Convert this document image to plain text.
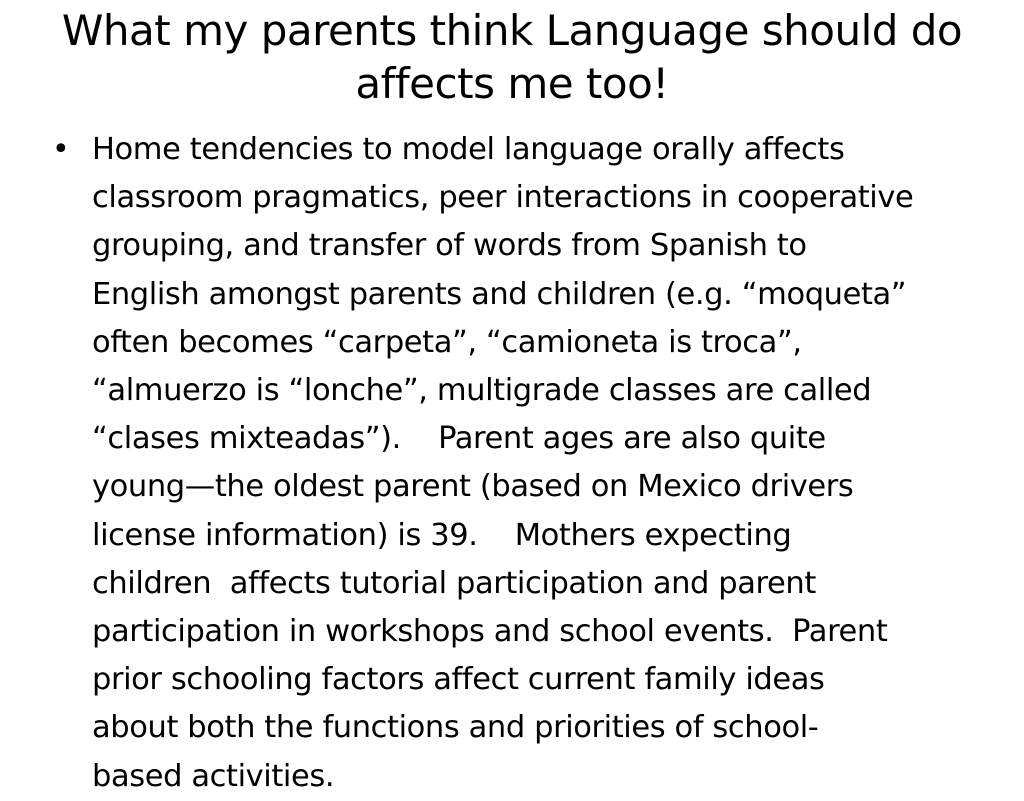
What my parents think Language should do
affects me too!
• Home tendencies to model language orally affects
classroom pragmatics, peer interactions in cooperative
grouping, and transfer of words from Spanish to
English amongst parents and children (e.g. “moqueta”
often becomes “carpeta”, “camioneta is troca”,
“almuerzo is “lonche”, multigrade classes are called
“clases mixteadas”).    Parent ages are also quite
young—the oldest parent (based on Mexico drivers
license information) is 39.    Mothers expecting
children  affects tutorial participation and parent
participation in workshops and school events.  Parent
prior schooling factors affect current family ideas
about both the functions and priorities of school-
based activities.
